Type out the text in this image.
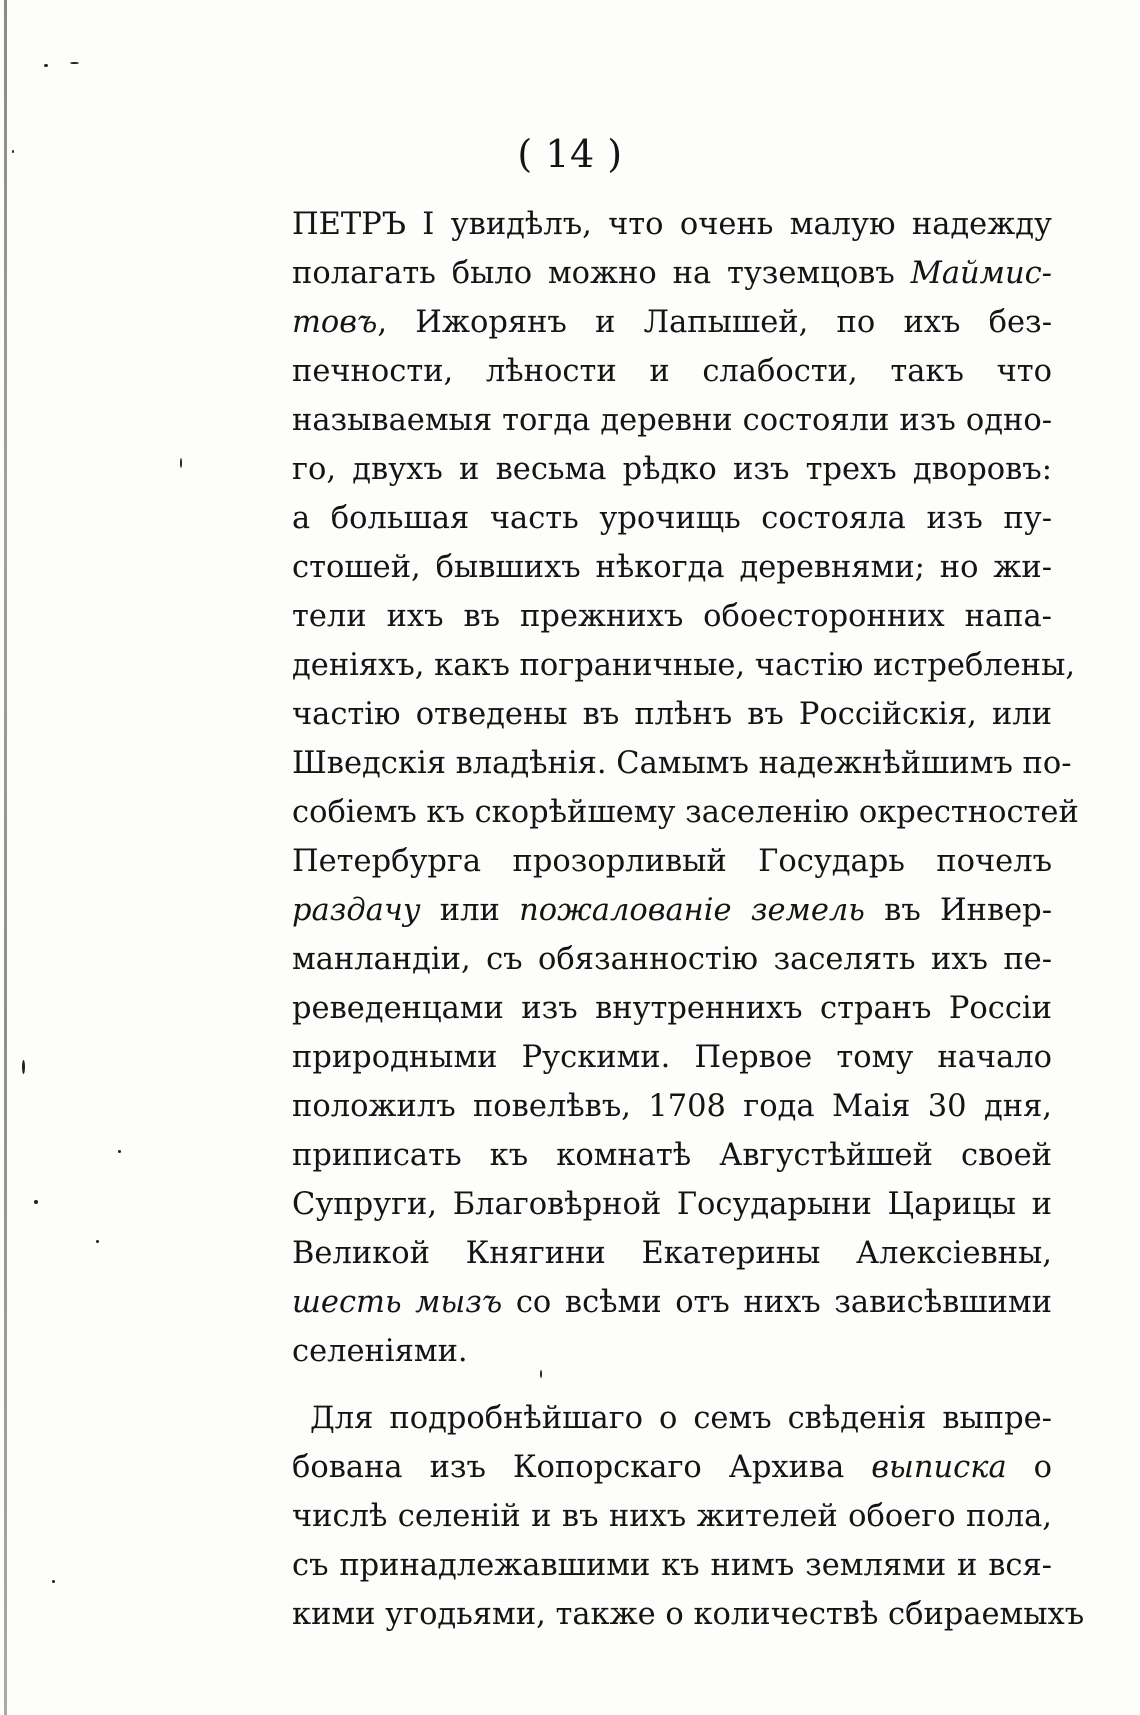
( 14 )
ПЕТРЪ I увидѣлъ, что очень малую надежду
полагать было можно на туземцовъ Маймис-
товъ, Ижорянъ и Лапышей, по ихъ без-
печности, лѣности и слабости, такъ что
называемыя тогда деревни состояли изъ одно-
го, двухъ и весьма рѣдко изъ трехъ дворовъ:
а большая часть урочищь состояла изъ пу-
стошей, бывшихъ нѣкогда деревнями; но жи-
тели ихъ въ прежнихъ обоесторонних напа-
деніяхъ, какъ пограничные, частію истреблены,
частію отведены въ плѣнъ въ Россійскія, или
Шведскія владѣнія. Самымъ надежнѣйшимъ по-
собіемъ къ скорѣйшему заселенію окрестностей
Петербурга прозорливый Государь почелъ
раздачу или пожалованіе земель въ Инвер-
манландіи, съ обязанностію заселять ихъ пе-
реведенцами изъ внутреннихъ странъ Россіи
природными Рускими. Первое тому начало
положилъ повелѣвъ, 1708 года Маія 30 дня,
приписать къ комнатѣ Августѣйшей своей
Супруги, Благовѣрной Государыни Царицы и
Великой Княгини Екатерины Алексіевны,
шесть мызъ со всѣми отъ нихъ зависѣвшими
селеніями.
Для подробнѣйшаго о семъ свѣденія выпре-
бована изъ Копорскаго Архива выписка о
числѣ селеній и въ нихъ жителей обоего пола,
съ принадлежавшими къ нимъ землями и вся-
кими угодьями, также о количествѣ сбираемыхъ
